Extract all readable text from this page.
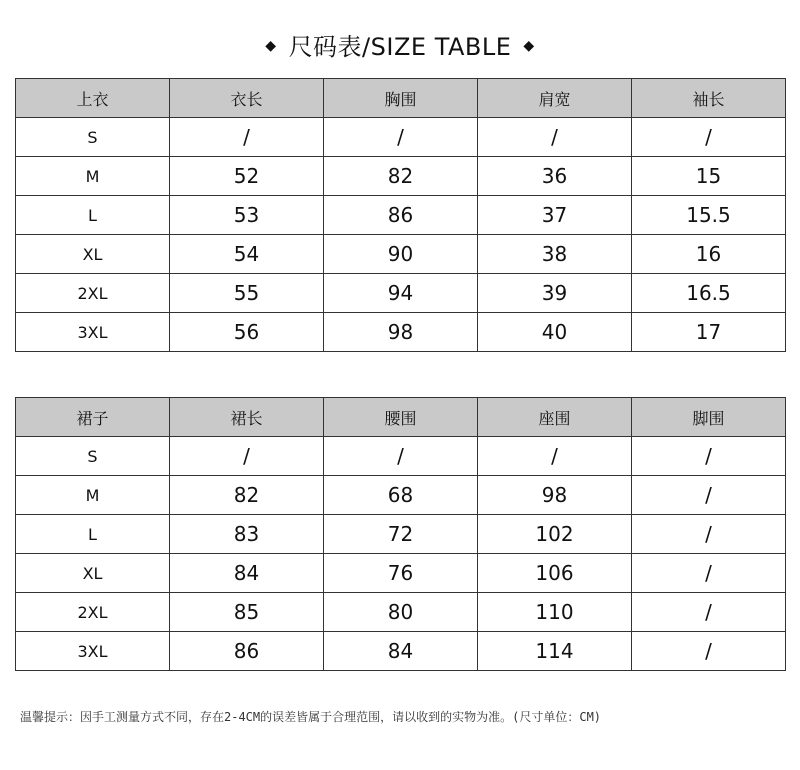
◆ 尺码表/SIZE TABLE ◆
上衣	衣长	胸围	肩宽	袖长
S	/	/	/	/
M	52	82	36	15
L	53	86	37	15.5
XL	54	90	38	16
2XL	55	94	39	16.5
3XL	56	98	40	17
裙子	裙长	腰围	座围	脚围
S	/	/	/	/
M	82	68	98	/
L	83	72	102	/
XL	84	76	106	/
2XL	85	80	110	/
3XL	86	84	114	/
温馨提示：因手工测量方式不同，存在2-4CM的误差皆属于合理范围，请以收到的实物为准。(尺寸单位：CM)
